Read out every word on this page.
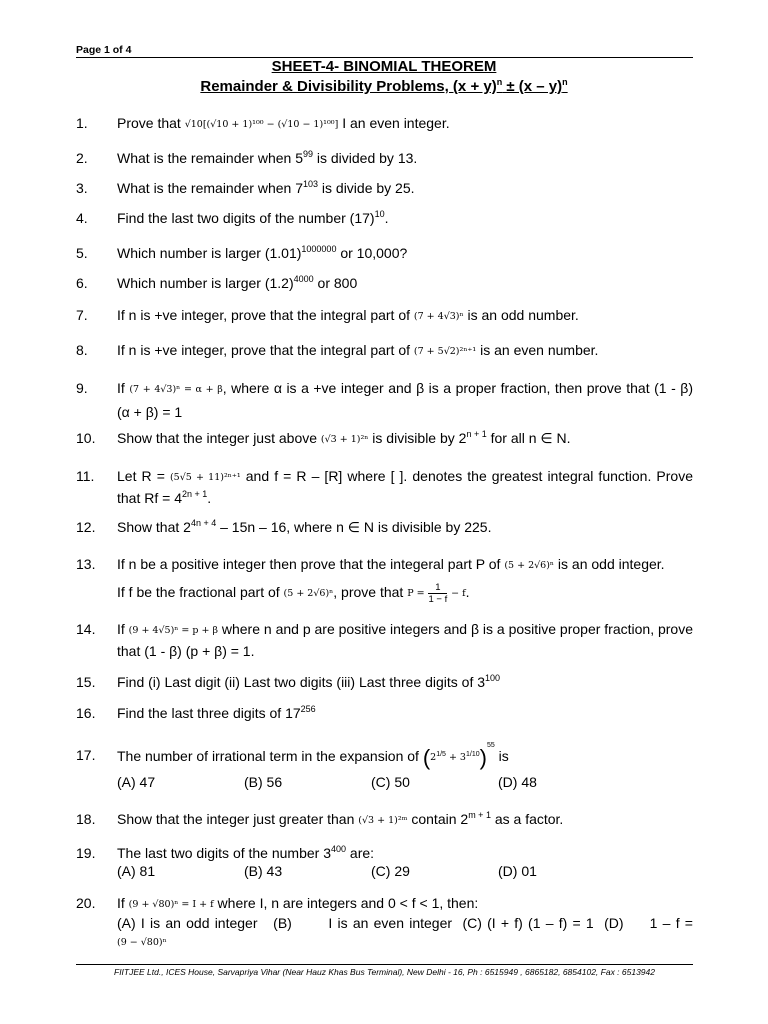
Page 1 of 4
SHEET-4- BINOMIAL THEOREM
Remainder & Divisibility Problems, $(x + y)^n \pm (x - y)^n$
1. Prove that √10[(√10 + 1)¹⁰⁰ − (√10 − 1)¹⁰⁰] I an even integer.
2. What is the remainder when $5^{99}$ is divided by 13.
3. What is the remainder when $7^{103}$ is divide by 25.
4. Find the last two digits of the number $(17)^{10}$.
5. Which number is larger $(1.01)^{1000000}$ or 10,000?
6. Which number is larger $(1.2)^{4000}$ or 800
7. If n is +ve integer, prove that the integral part of (7 + 4√3)ⁿ is an odd number.
8. If n is +ve integer, prove that the integral part of (7 + 5√2)²ⁿ⁺¹ is an even number.
9. If (7 + 4√3)ⁿ = α + β, where α is a +ve integer and β is a proper fraction, then prove that (1 - β) (α + β) = 1
10. Show that the integer just above (√3 + 1)²ⁿ is divisible by $2^{n + 1}$ for all n ∈ N.
11. Let R = (5√5 + 11)²ⁿ⁺¹ and f = R – [R] where [ ]. denotes the greatest integral function. Prove that $Rf = 4^{2n + 1}$.
12. Show that $2^{4n + 4} - 15n - 16$, where n ∈ N is divisible by 225.
13. If n be a positive integer then prove that the integeral part P of (5 + 2√6)ⁿ is an odd integer.
If f be the fractional part of (5 + 2√6)ⁿ, prove that $P = \frac{1}{1 - f} - f$.
14. If (9 + 4√5)ⁿ = p + β where n and p are positive integers and β is a positive proper fraction, prove that (1 - β) (p + β) = 1.
15. Find (i) Last digit (ii) Last two digits (iii) Last three digits of $3^{100}$
16. Find the last three digits of $17^{256}$
17. The number of irrational term in the expansion of $(2^{1/5} + 3^{1/10})^{55}$ is
(A) 47	(B) 56	(C) 50	(D) 48
18. Show that the integer just greater than (√3 + 1)²ᵐ contain $2^{m + 1}$ as a factor.
19. The last two digits of the number $3^{400}$ are:
(A) 81	(B) 43	(C) 29	(D) 01
20. If (9 + √80)ⁿ = I + f where I, n are integers and 0 < f < 1, then:
(A) I is an odd integer   (B)       I is an even integer  (C) (I + f) (1 – f) = 1  (D)     1 – f = (9 − √80)ⁿ
FIITJEE Ltd., ICES House, Sarvapriya Vihar (Near Hauz Khas Bus Terminal), New Delhi - 16, Ph : 6515949 , 6865182, 6854102, Fax : 6513942
